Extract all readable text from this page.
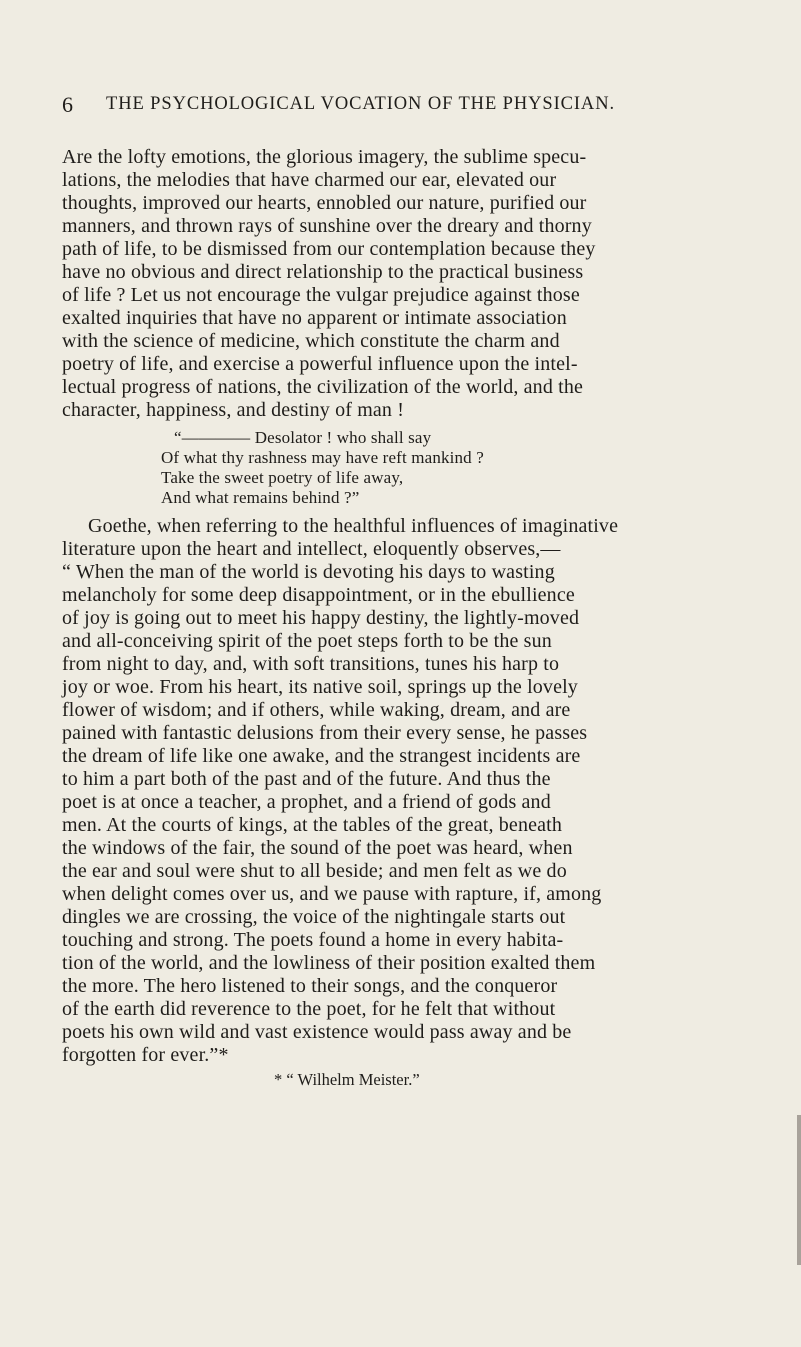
6 THE PSYCHOLOGICAL VOCATION OF THE PHYSICIAN.
Are the lofty emotions, the glorious imagery, the sublime specu-
lations, the melodies that have charmed our ear, elevated our
thoughts, improved our hearts, ennobled our nature, purified our
manners, and thrown rays of sunshine over the dreary and thorny
path of life, to be dismissed from our contemplation because they
have no obvious and direct relationship to the practical business
of life ? Let us not encourage the vulgar prejudice against those
exalted inquiries that have no apparent or intimate association
with the science of medicine, which constitute the charm and
poetry of life, and exercise a powerful influence upon the intel-
lectual progress of nations, the civilization of the world, and the
character, happiness, and destiny of man !
“———— Desolator ! who shall say
Of what thy rashness may have reft mankind ?
Take the sweet poetry of life away,
And what remains behind ?”
Goethe, when referring to the healthful influences of imaginative
literature upon the heart and intellect, eloquently observes,—
“ When the man of the world is devoting his days to wasting
melancholy for some deep disappointment, or in the ebullience
of joy is going out to meet his happy destiny, the lightly-moved
and all-conceiving spirit of the poet steps forth to be the sun
from night to day, and, with soft transitions, tunes his harp to
joy or woe. From his heart, its native soil, springs up the lovely
flower of wisdom; and if others, while waking, dream, and are
pained with fantastic delusions from their every sense, he passes
the dream of life like one awake, and the strangest incidents are
to him a part both of the past and of the future. And thus the
poet is at once a teacher, a prophet, and a friend of gods and
men. At the courts of kings, at the tables of the great, beneath
the windows of the fair, the sound of the poet was heard, when
the ear and soul were shut to all beside; and men felt as we do
when delight comes over us, and we pause with rapture, if, among
dingles we are crossing, the voice of the nightingale starts out
touching and strong. The poets found a home in every habita-
tion of the world, and the lowliness of their position exalted them
the more. The hero listened to their songs, and the conqueror
of the earth did reverence to the poet, for he felt that without
poets his own wild and vast existence would pass away and be
forgotten for ever.”*
* “ Wilhelm Meister.”
